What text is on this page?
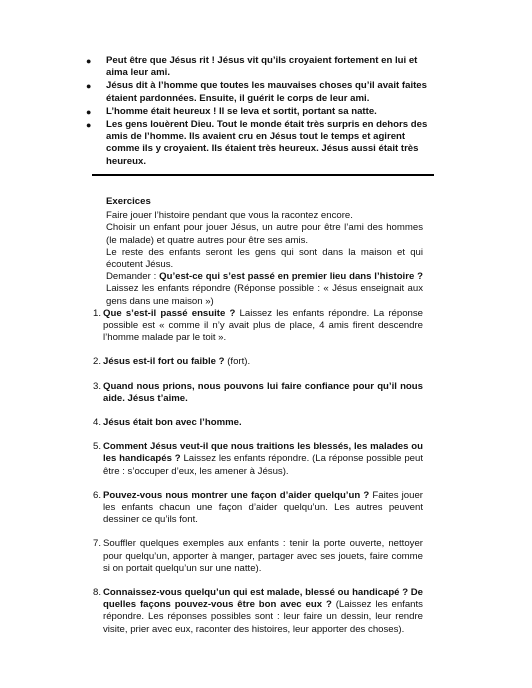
● Peut être que Jésus rit ! Jésus vit qu’ils croyaient fortement en lui et aima leur ami.
● Jésus dit à l’homme que toutes les mauvaises choses qu’il avait faites étaient pardonnées. Ensuite, il guérit le corps de leur ami.
● L’homme était heureux ! Il se leva et sortit, portant sa natte.
● Les gens louèrent Dieu. Tout le monde était très surpris en dehors des amis de l’homme. Ils avaient cru en Jésus tout le temps et agirent comme ils y croyaient. Ils étaient très heureux. Jésus aussi était très heureux.
Exercices

Faire jouer l’histoire pendant que vous la racontez encore.

Choisir un enfant pour jouer Jésus, un autre pour être l’ami des hommes (le malade) et quatre autres pour être ses amis.

Le reste des enfants seront les gens qui sont dans la maison et qui écoutent Jésus.

Demander : Qu’est-ce qui s’est passé en premier lieu dans l’histoire ? Laissez les enfants répondre (Réponse possible : « Jésus enseignait aux gens dans une maison »)

1. Que s’est-il passé ensuite ? Laissez les enfants répondre. La réponse possible est « comme il n’y avait plus de place, 4 amis firent descendre l’homme malade par le toit ».
2. Jésus est-il fort ou faible ? (fort).
3. Quand nous prions, nous pouvons lui faire confiance pour qu’il nous aide. Jésus t’aime.
4. Jésus était bon avec l’homme.
5. Comment Jésus veut-il que nous traitions les blessés, les malades ou les handicapés ? Laissez les enfants répondre. (La réponse possible peut être : s’occuper d’eux, les amener à Jésus).
6. Pouvez-vous nous montrer une façon d’aider quelqu’un ? Faites jouer les enfants chacun une façon d’aider quelqu’un. Les autres peuvent dessiner ce qu’ils font.
7. Souffler quelques exemples aux enfants : tenir la porte ouverte, nettoyer pour quelqu’un, apporter à manger, partager avec ses jouets, faire comme si on portait quelqu’un sur une natte).
8. Connaissez-vous quelqu’un qui est malade, blessé ou handicapé ? De quelles façons pouvez-vous être bon avec eux ? (Laissez les enfants répondre. Les réponses possibles sont : leur faire un dessin, leur rendre visite, prier avec eux, raconter des histoires, leur apporter des choses).
